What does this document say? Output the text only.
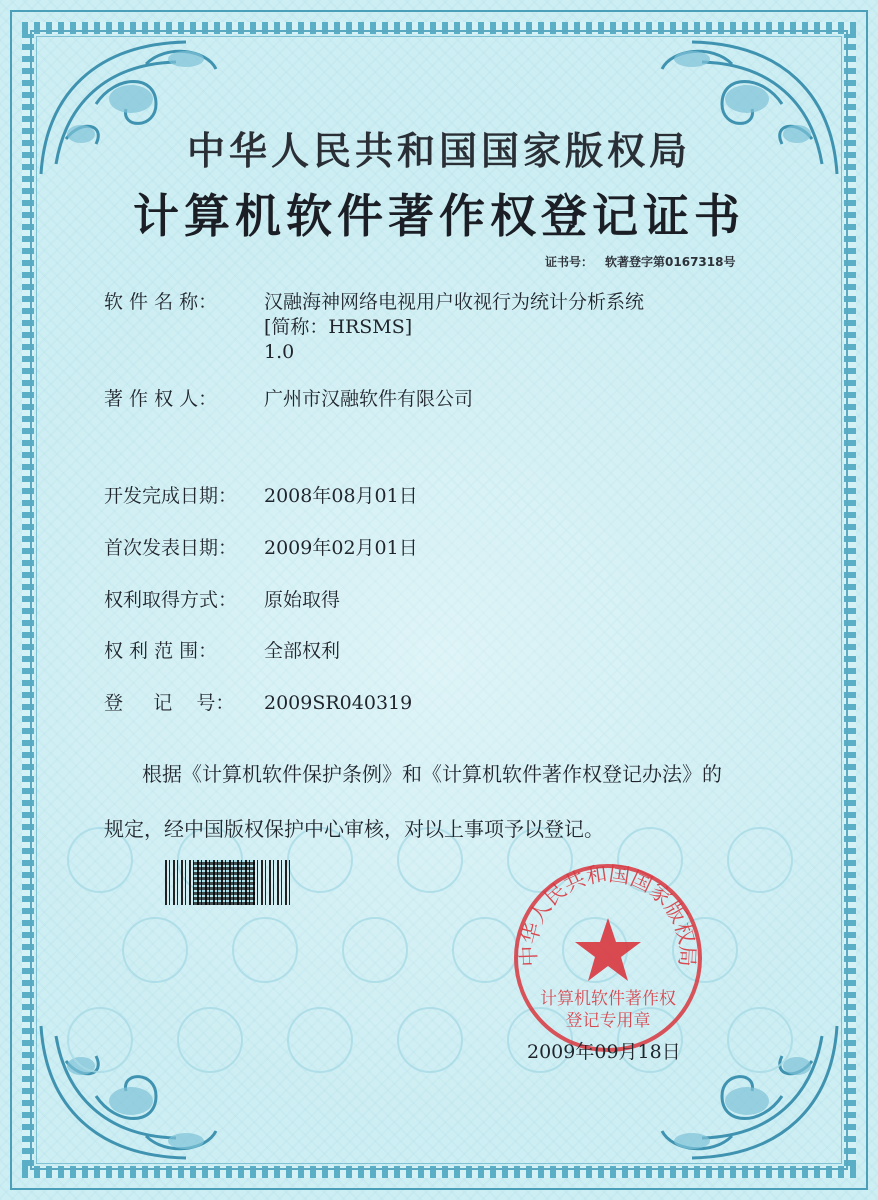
中华人民共和国国家版权局
计算机软件著作权登记证书
证书号： 软著登字第0167318号
软 件 名 称： 汉融海神网络电视用户收视行为统计分析系统
[简称：HRSMS]
1.0
著 作 权 人： 广州市汉融软件有限公司
开发完成日期： 2008年08月01日
首次发表日期： 2009年02月01日
权利取得方式： 原始取得
权 利 范 围： 全部权利
登     记    号： 2009SR040319
根据《计算机软件保护条例》和《计算机软件著作权登记办法》的
规定，经中国版权保护中心审核，对以上事项予以登记。
中华人民共和国国家版权局
计算机软件著作权
登记专用章
2009年09月18日
